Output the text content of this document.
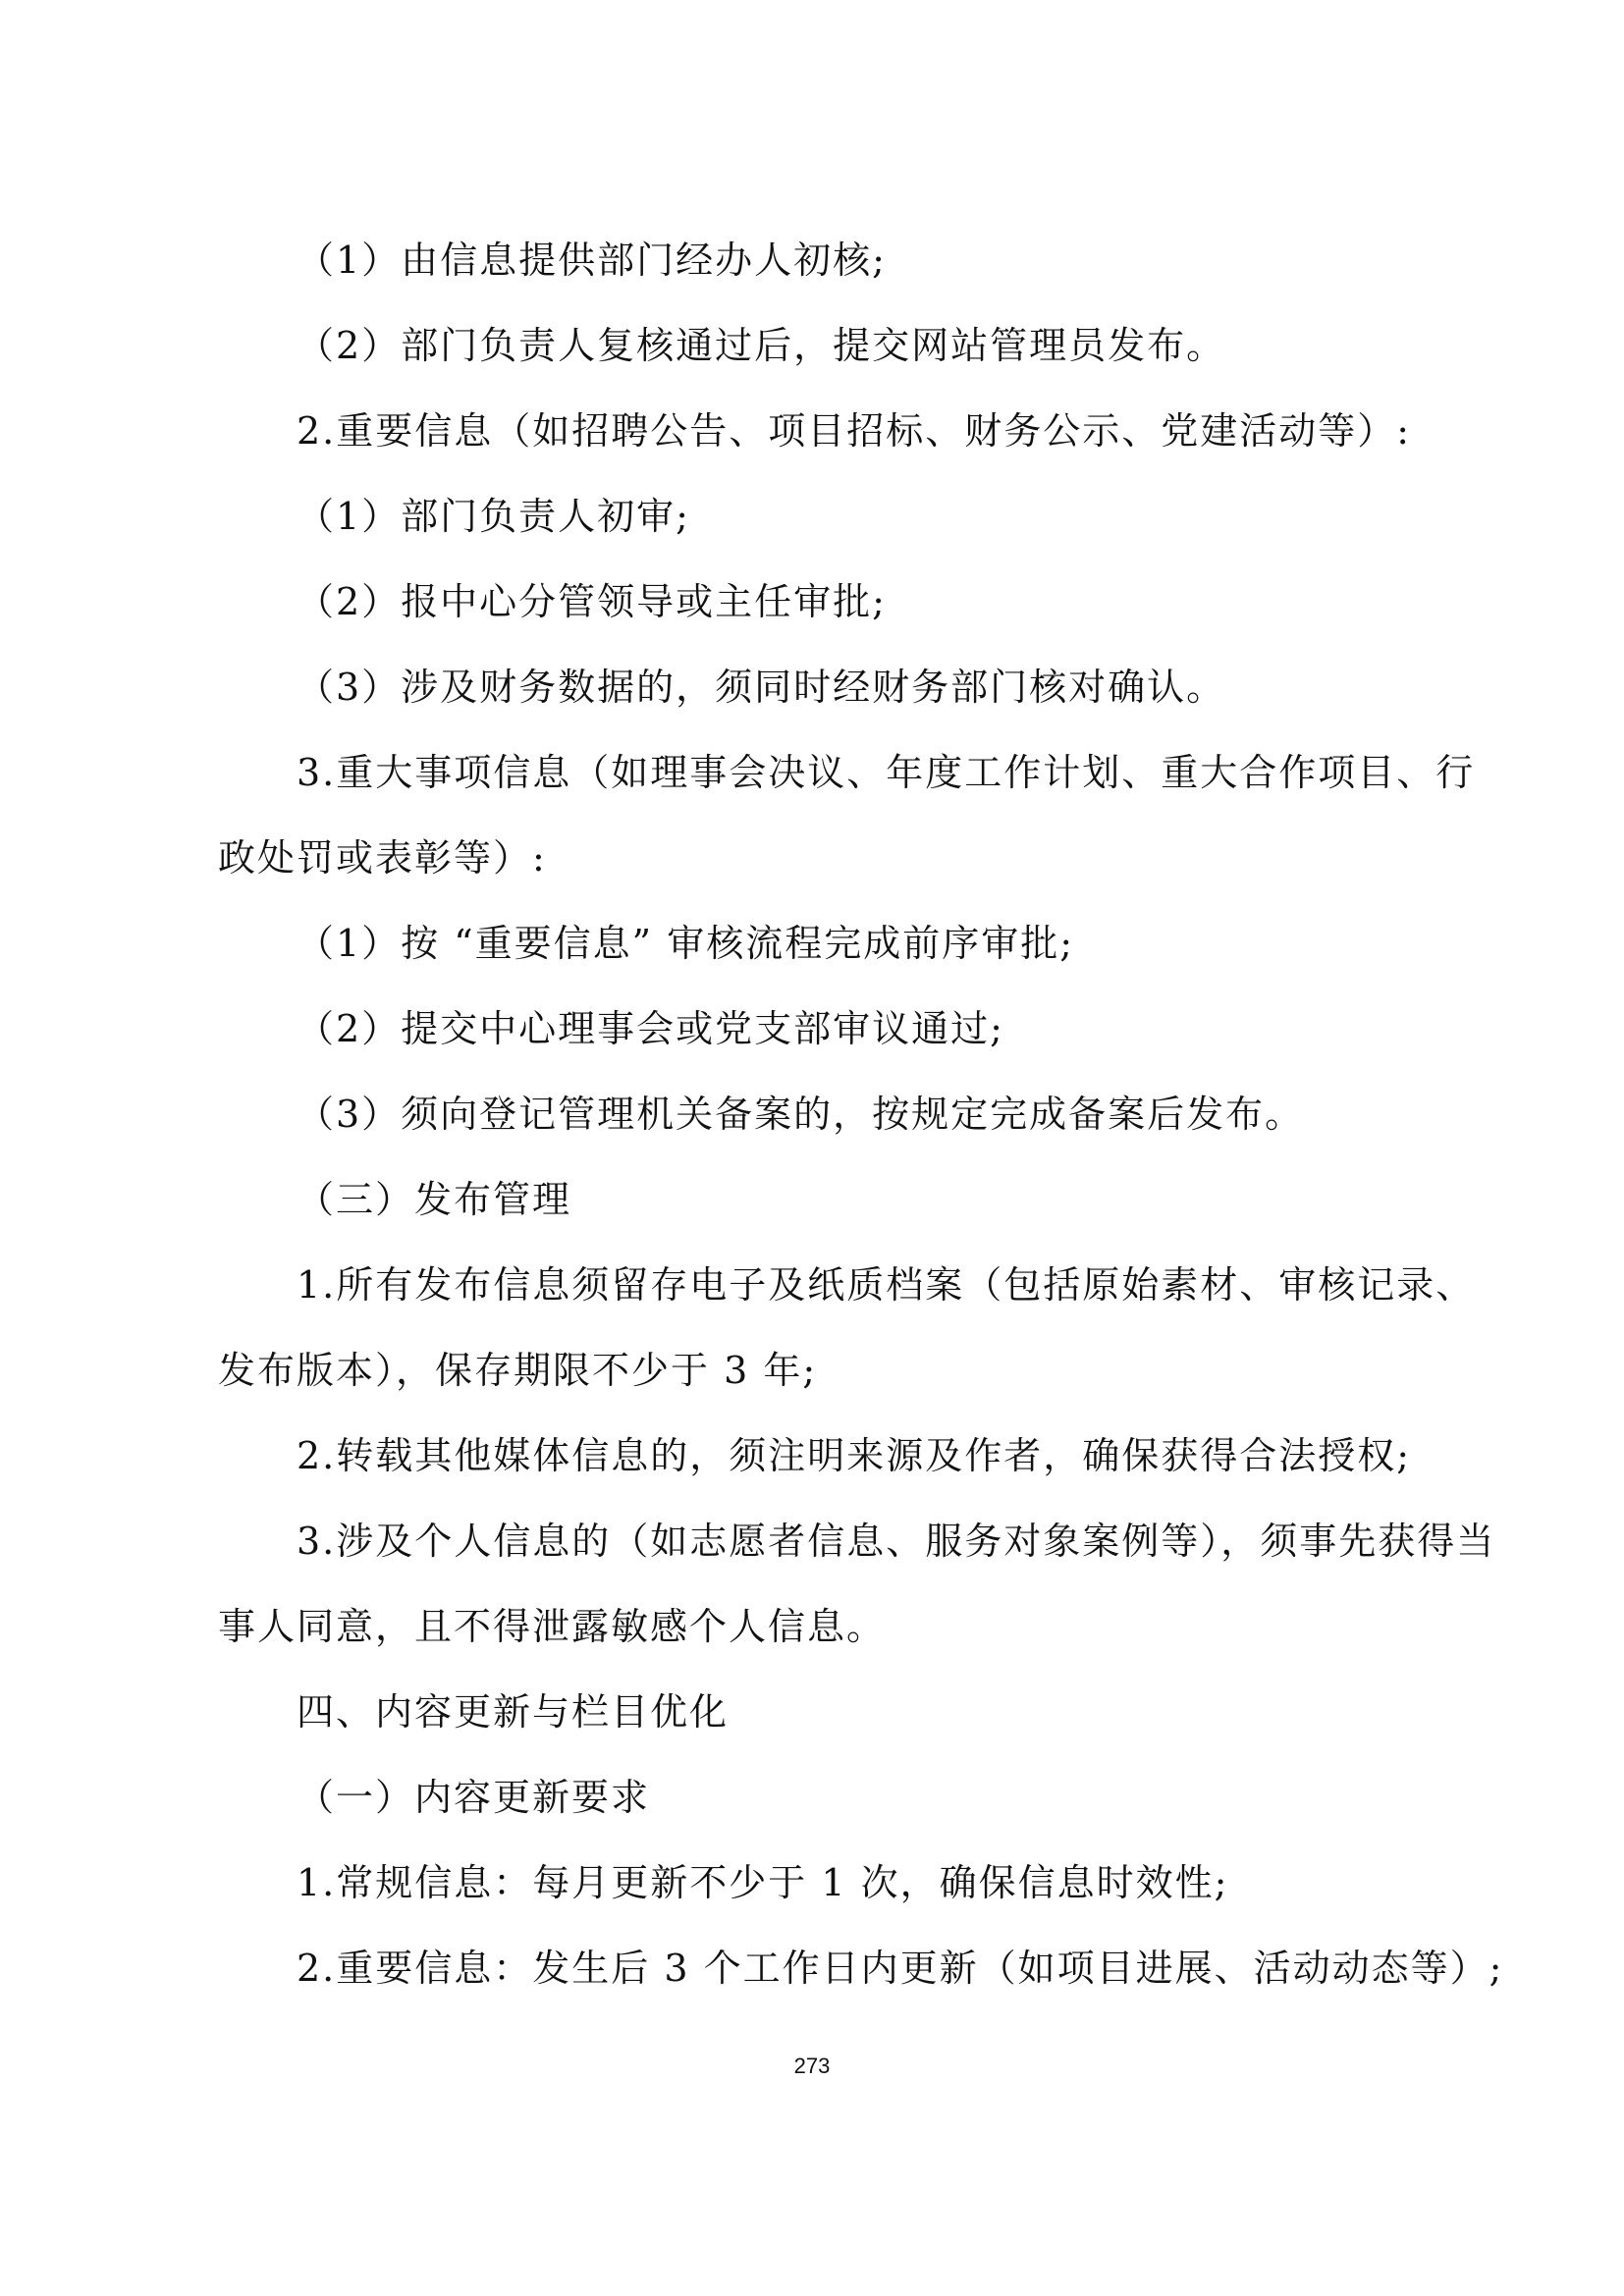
（1）由信息提供部门经办人初核;
（2）部门负责人复核通过后，提交网站管理员发布。
2.重要信息（如招聘公告、项目招标、财务公示、党建活动等）:
（1）部门负责人初审;
（2）报中心分管领导或主任审批;
（3）涉及财务数据的，须同时经财务部门核对确认。
3.重大事项信息（如理事会决议、年度工作计划、重大合作项目、行
政处罚或表彰等）:
（1）按 “重要信息” 审核流程完成前序审批;
（2）提交中心理事会或党支部审议通过;
（3）须向登记管理机关备案的，按规定完成备案后发布。
（三）发布管理
1.所有发布信息须留存电子及纸质档案（包括原始素材、审核记录、
发布版本），保存期限不少于 3 年;
2.转载其他媒体信息的，须注明来源及作者，确保获得合法授权;
3.涉及个人信息的（如志愿者信息、服务对象案例等），须事先获得当
事人同意，且不得泄露敏感个人信息。
四、内容更新与栏目优化
（一）内容更新要求
1.常规信息：每月更新不少于 1 次，确保信息时效性;
2.重要信息：发生后 3 个工作日内更新（如项目进展、活动动态等）;
273
